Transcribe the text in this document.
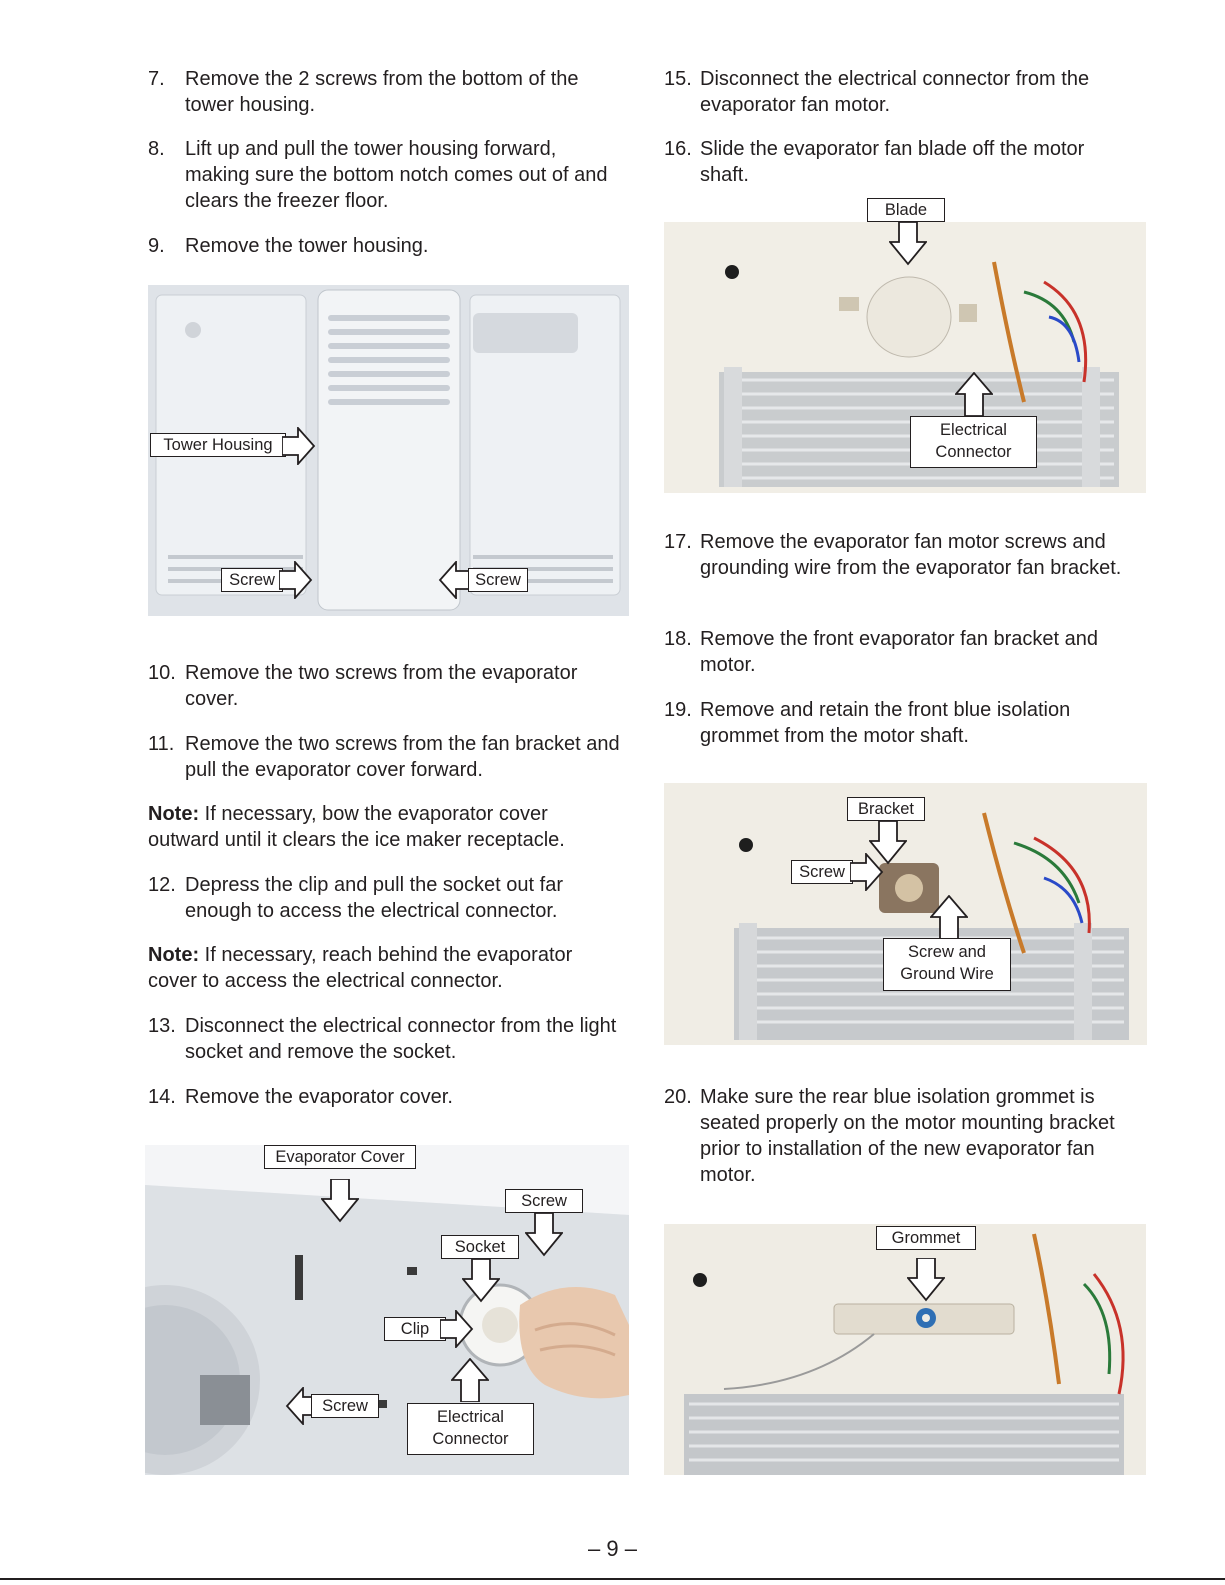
7. Remove the 2 screws from the bottom of the tower housing.
8. Lift up and pull the tower housing forward, making sure the bottom notch comes out of and clears the freezer floor.
9. Remove the tower housing.
Tower Housing
Screw	Screw
10. Remove the two screws from the evaporator cover.
11. Remove the two screws from the fan bracket and pull the evaporator cover forward.
Note: If necessary, bow the evaporator cover outward until it clears the ice maker receptacle.
12. Depress the clip and pull the socket out far enough to access the electrical connector.
Note: If necessary, reach behind the evaporator cover to access the electrical connector.
13. Disconnect the electrical connector from the light socket and remove the socket.
14. Remove the evaporator cover.
Evaporator Cover
Screw
Socket
Clip
Electrical
Connector
Screw
15. Disconnect the electrical connector from the evaporator fan motor.
16. Slide the evaporator fan blade off the motor shaft.
Blade
Electrical
Connector
17. Remove the evaporator fan motor screws and grounding wire from the evaporator fan bracket.
18. Remove the front evaporator fan bracket and motor.
19. Remove and retain the front blue isolation grommet from the motor shaft.
Bracket
Screw
Screw and
Ground Wire
20. Make sure the rear blue isolation grommet is seated properly on the motor mounting bracket prior to installation of the new evaporator fan motor.
Grommet
– 9 –
